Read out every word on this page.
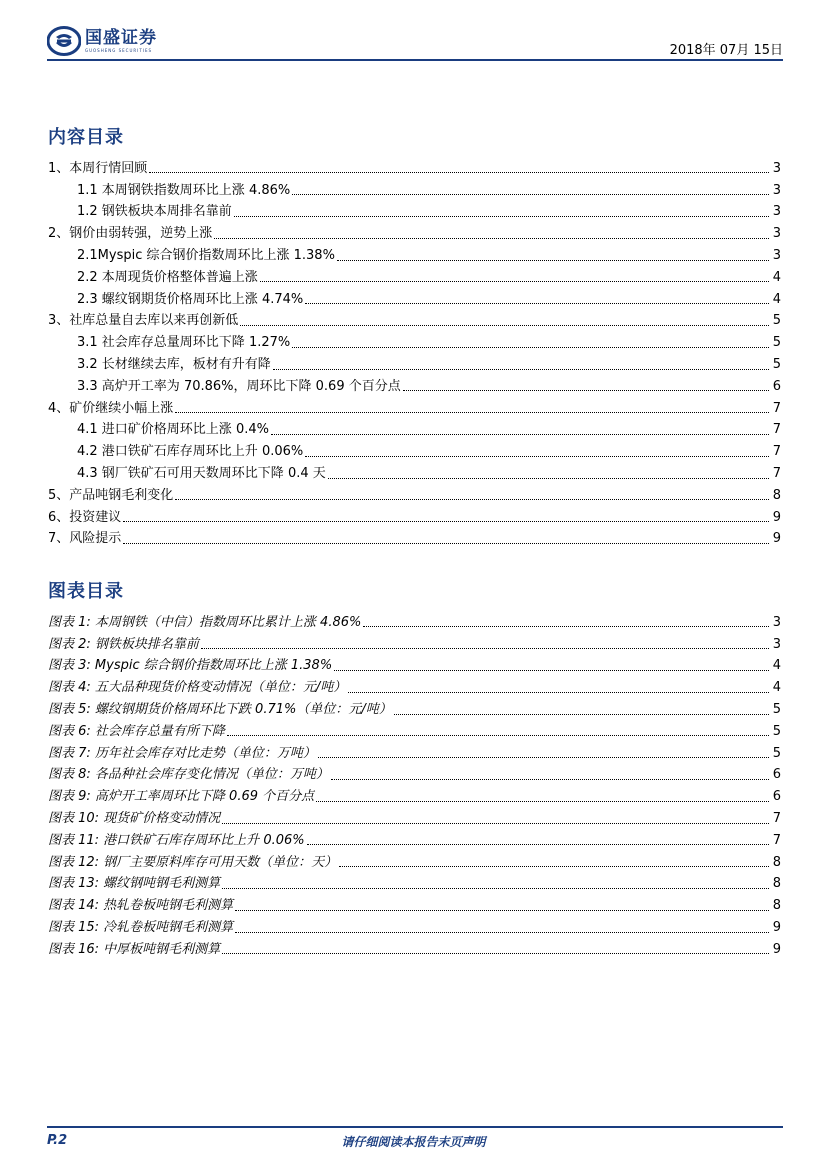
国盛证券
GUOSHENG SECURITIES	2018年 07月 15日
内容目录
1、本周行情回顾	3
1.1 本周钢铁指数周环比上涨 4.86%	3
1.2 钢铁板块本周排名靠前	3
2、钢价由弱转强，逆势上涨	3
2.1Myspic 综合钢价指数周环比上涨 1.38%	3
2.2 本周现货价格整体普遍上涨	4
2.3 螺纹钢期货价格周环比上涨 4.74%	4
3、社库总量自去库以来再创新低	5
3.1 社会库存总量周环比下降 1.27%	5
3.2 长材继续去库，板材有升有降	5
3.3 高炉开工率为 70.86%，周环比下降 0.69 个百分点	6
4、矿价继续小幅上涨	7
4.1 进口矿价格周环比上涨 0.4%	7
4.2 港口铁矿石库存周环比上升 0.06%	7
4.3 钢厂铁矿石可用天数周环比下降 0.4 天	7
5、产品吨钢毛利变化	8
6、投资建议	9
7、风险提示	9
图表目录
图表 1: 本周钢铁（中信）指数周环比累计上涨 4.86%	3
图表 2: 钢铁板块排名靠前	3
图表 3: Myspic 综合钢价指数周环比上涨 1.38%	4
图表 4: 五大品种现货价格变动情况（单位：元/吨）	4
图表 5: 螺纹钢期货价格周环比下跌 0.71%（单位：元/吨）	5
图表 6: 社会库存总量有所下降	5
图表 7: 历年社会库存对比走势（单位：万吨）	5
图表 8: 各品种社会库存变化情况（单位：万吨）	6
图表 9: 高炉开工率周环比下降 0.69 个百分点	6
图表 10: 现货矿价格变动情况	7
图表 11: 港口铁矿石库存周环比上升 0.06%	7
图表 12: 钢厂主要原料库存可用天数（单位：天）	8
图表 13: 螺纹钢吨钢毛利测算	8
图表 14: 热轧卷板吨钢毛利测算	8
图表 15: 冷轧卷板吨钢毛利测算	9
图表 16: 中厚板吨钢毛利测算	9
P.2	请仔细阅读本报告末页声明
